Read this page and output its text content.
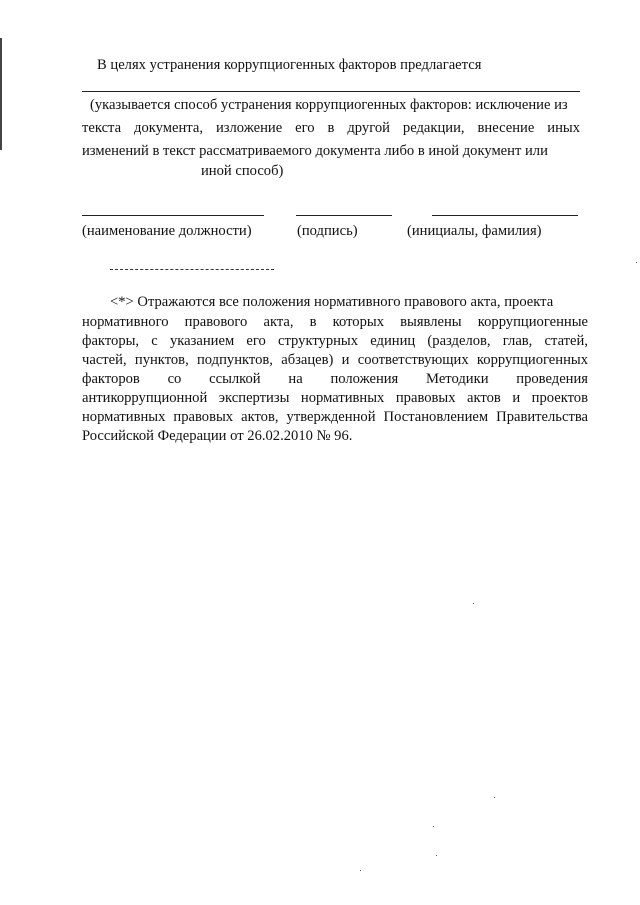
В целях устранения коррупциогенных факторов предлагается
(указывается способ устранения коррупциогенных факторов: исключение из
текста документа, изложение его в другой редакции, внесение иных
изменений в текст рассматриваемого документа либо в иной документ или
иной способ)
(наименование должности)	(подпись)	(инициалы, фамилия)
<*> Отражаются все положения нормативного правового акта, проекта
нормативного правового акта, в которых выявлены коррупциогенные
факторы, с указанием его структурных единиц (разделов, глав, статей,
частей, пунктов, подпунктов, абзацев) и соответствующих коррупциогенных
факторов со ссылкой на положения Методики проведения
антикоррупционной экспертизы нормативных правовых актов и проектов
нормативных правовых актов, утвержденной Постановлением Правительства
Российской Федерации от 26.02.2010 № 96.
